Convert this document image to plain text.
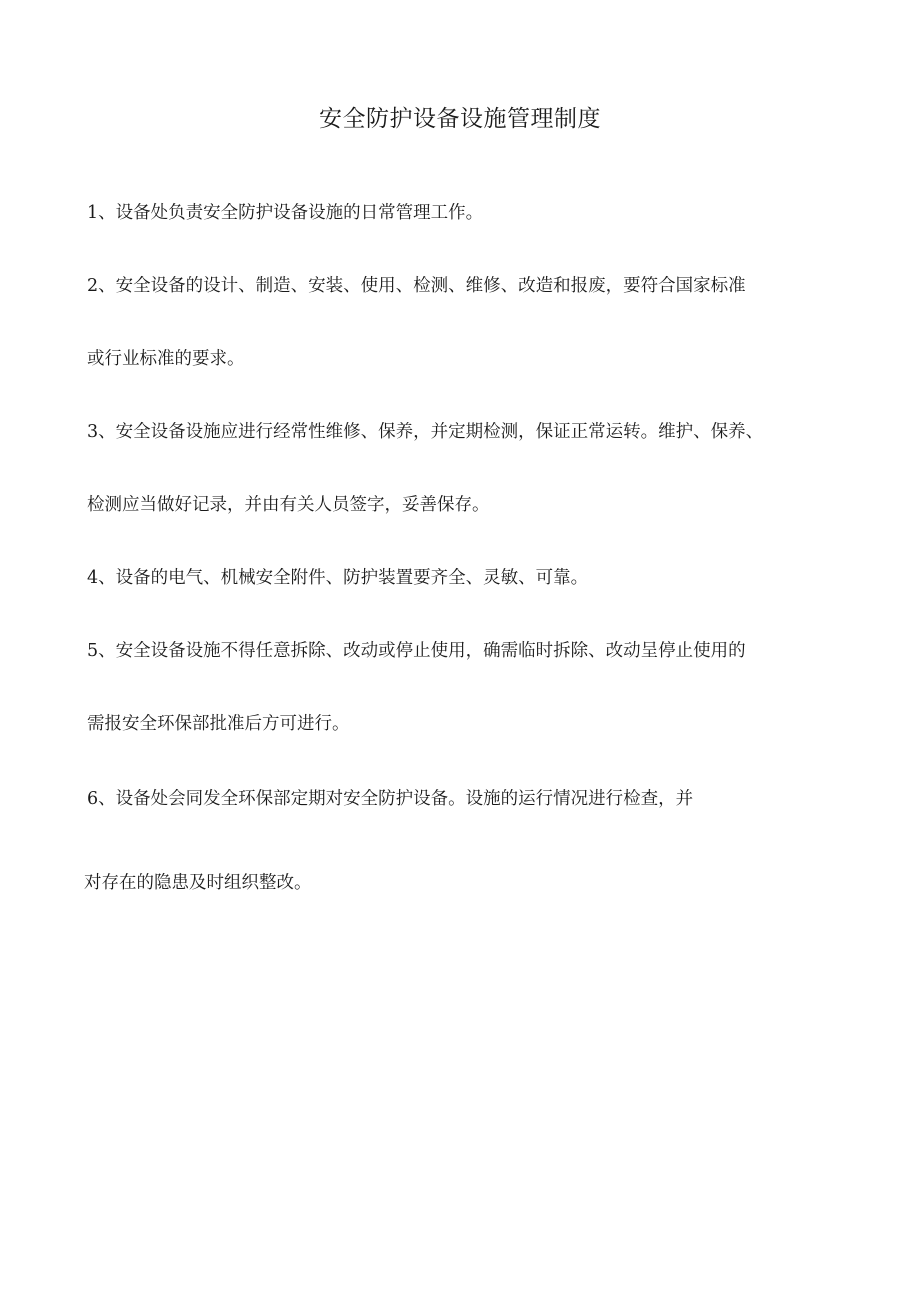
安全防护设备设施管理制度
1、设备处负责安全防护设备设施的日常管理工作。
2、安全设备的设计、制造、安装、使用、检测、维修、改造和报废，要符合国家标准
或行业标准的要求。
3、安全设备设施应进行经常性维修、保养，并定期检测，保证正常运转。维护、保养、
检测应当做好记录，并由有关人员签字，妥善保存。
4、设备的电气、机械安全附件、防护装置要齐全、灵敏、可靠。
5、安全设备设施不得任意拆除、改动或停止使用，确需临时拆除、改动呈停止使用的
需报安全环保部批准后方可进行。
6、设备处会同发全环保部定期对安全防护设备。设施的运行情况进行检查，并
对存在的隐患及时组织整改。
